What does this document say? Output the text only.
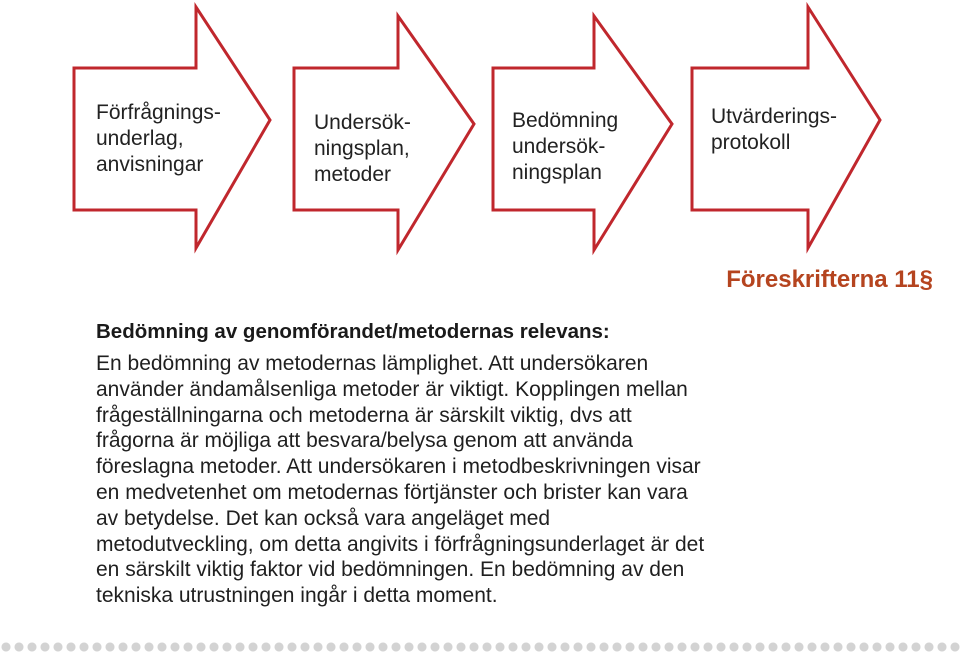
Förfrågnings-
underlag,
anvisningar
Undersök-
ningsplan,
metoder
Bedömning
undersök-
ningsplan
Utvärderings-
protokoll
Föreskrifterna 11§
Bedömning av genomförandet/metodernas relevans:
En bedömning av metodernas lämplighet. Att undersökaren
använder ändamålsenliga metoder är viktigt. Kopplingen mellan
frågeställningarna och metoderna är särskilt viktig, dvs att
frågorna är möjliga att besvara/belysa genom att använda
föreslagna metoder. Att undersökaren i metodbeskrivningen visar
en medvetenhet om metodernas förtjänster och brister kan vara
av betydelse. Det kan också vara angeläget med
metodutveckling, om detta angivits i förfrågningsunderlaget är det
en särskilt viktig faktor vid bedömningen. En bedömning av den
tekniska utrustningen ingår i detta moment.
